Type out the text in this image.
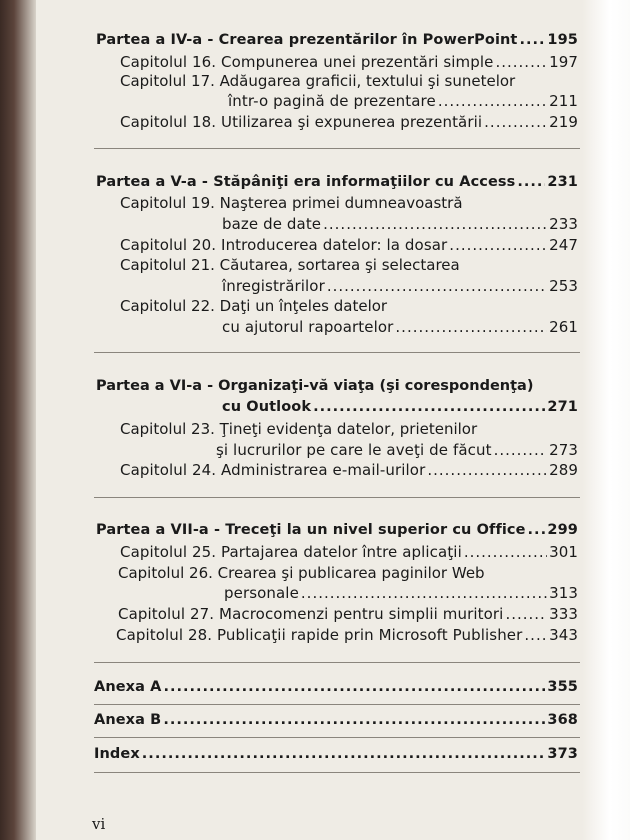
Partea a IV-a - Crearea prezentărilor în PowerPoint ..... 195
Capitolul 16. Compunerea unei prezentări simple .....	197
Capitolul 17. Adăugarea graficii, textului şi sunetelor
într-o pagină de prezentare .....	211
Capitolul 18. Utilizarea şi expunerea prezentării .....	219
Partea a V-a - Stăpâniţi era informaţiilor cu Access ..... 231
Capitolul 19. Naşterea primei dumneavoastră
baze de date .....	233
Capitolul 20. Introducerea datelor: la dosar .....	247
Capitolul 21. Căutarea, sortarea şi selectarea
înregistrărilor .....	253
Capitolul 22. Daţi un înţeles datelor
cu ajutorul rapoartelor .....	261
Partea a VI-a - Organizaţi-vă viaţa (şi corespondenţa)
cu Outlook .....	271
Capitolul 23. Ţineţi evidenţa datelor, prietenilor
şi lucrurilor pe care le aveţi de făcut .....	273
Capitolul 24. Administrarea e-mail-urilor .....	289
Partea a VII-a - Treceţi la un nivel superior cu Office ..... 299
Capitolul 25. Partajarea datelor între aplicaţii .....	301
Capitolul 26. Crearea şi publicarea paginilor Web
personale .....	313
Capitolul 27. Macrocomenzi pentru simplii muritori .....	333
Capitolul 28. Publicaţii rapide prin Microsoft Publisher ..... 343
Anexa A .....	355
Anexa B .....	368
Index .....	373
vi
